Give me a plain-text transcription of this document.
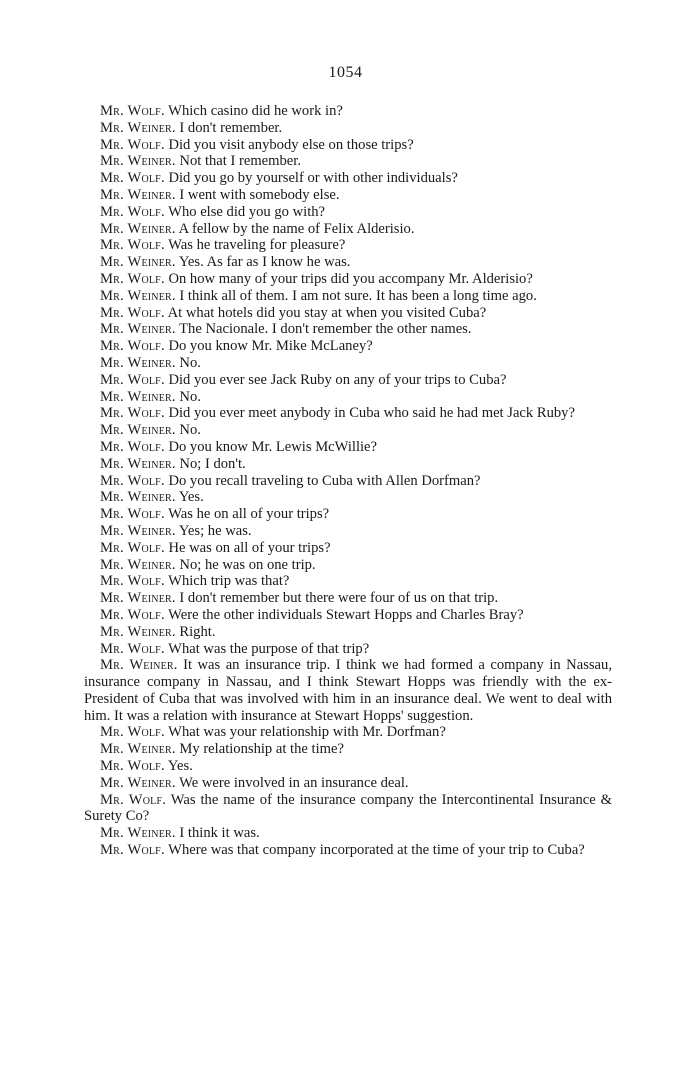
1054

Mr. Wolf. Which casino did he work in?

Mr. Weiner. I don't remember.

Mr. Wolf. Did you visit anybody else on those trips?

Mr. Weiner. Not that I remember.

Mr. Wolf. Did you go by yourself or with other individuals?

Mr. Weiner. I went with somebody else.

Mr. Wolf. Who else did you go with?

Mr. Weiner. A fellow by the name of Felix Alderisio.

Mr. Wolf. Was he traveling for pleasure?

Mr. Weiner. Yes. As far as I know he was.

Mr. Wolf. On how many of your trips did you accompany Mr. Alderisio?

Mr. Weiner. I think all of them. I am not sure. It has been a long time ago.

Mr. Wolf. At what hotels did you stay at when you visited Cuba?

Mr. Weiner. The Nacionale. I don't remember the other names.

Mr. Wolf. Do you know Mr. Mike McLaney?

Mr. Weiner. No.

Mr. Wolf. Did you ever see Jack Ruby on any of your trips to Cuba?

Mr. Weiner. No.

Mr. Wolf. Did you ever meet anybody in Cuba who said he had met Jack Ruby?

Mr. Weiner. No.

Mr. Wolf. Do you know Mr. Lewis McWillie?

Mr. Weiner. No; I don't.

Mr. Wolf. Do you recall traveling to Cuba with Allen Dorfman?

Mr. Weiner. Yes.

Mr. Wolf. Was he on all of your trips?

Mr. Weiner. Yes; he was.

Mr. Wolf. He was on all of your trips?

Mr. Weiner. No; he was on one trip.

Mr. Wolf. Which trip was that?

Mr. Weiner. I don't remember but there were four of us on that trip.

Mr. Wolf. Were the other individuals Stewart Hopps and Charles Bray?

Mr. Weiner. Right.

Mr. Wolf. What was the purpose of that trip?

Mr. Weiner. It was an insurance trip. I think we had formed a company in Nassau, insurance company in Nassau, and I think Stewart Hopps was friendly with the ex-President of Cuba that was involved with him in an insurance deal. We went to deal with him. It was a relation with insurance at Stewart Hopps' suggestion.

Mr. Wolf. What was your relationship with Mr. Dorfman?

Mr. Weiner. My relationship at the time?

Mr. Wolf. Yes.

Mr. Weiner. We were involved in an insurance deal.

Mr. Wolf. Was the name of the insurance company the Intercontinental Insurance & Surety Co?

Mr. Weiner. I think it was.

Mr. Wolf. Where was that company incorporated at the time of your trip to Cuba?
